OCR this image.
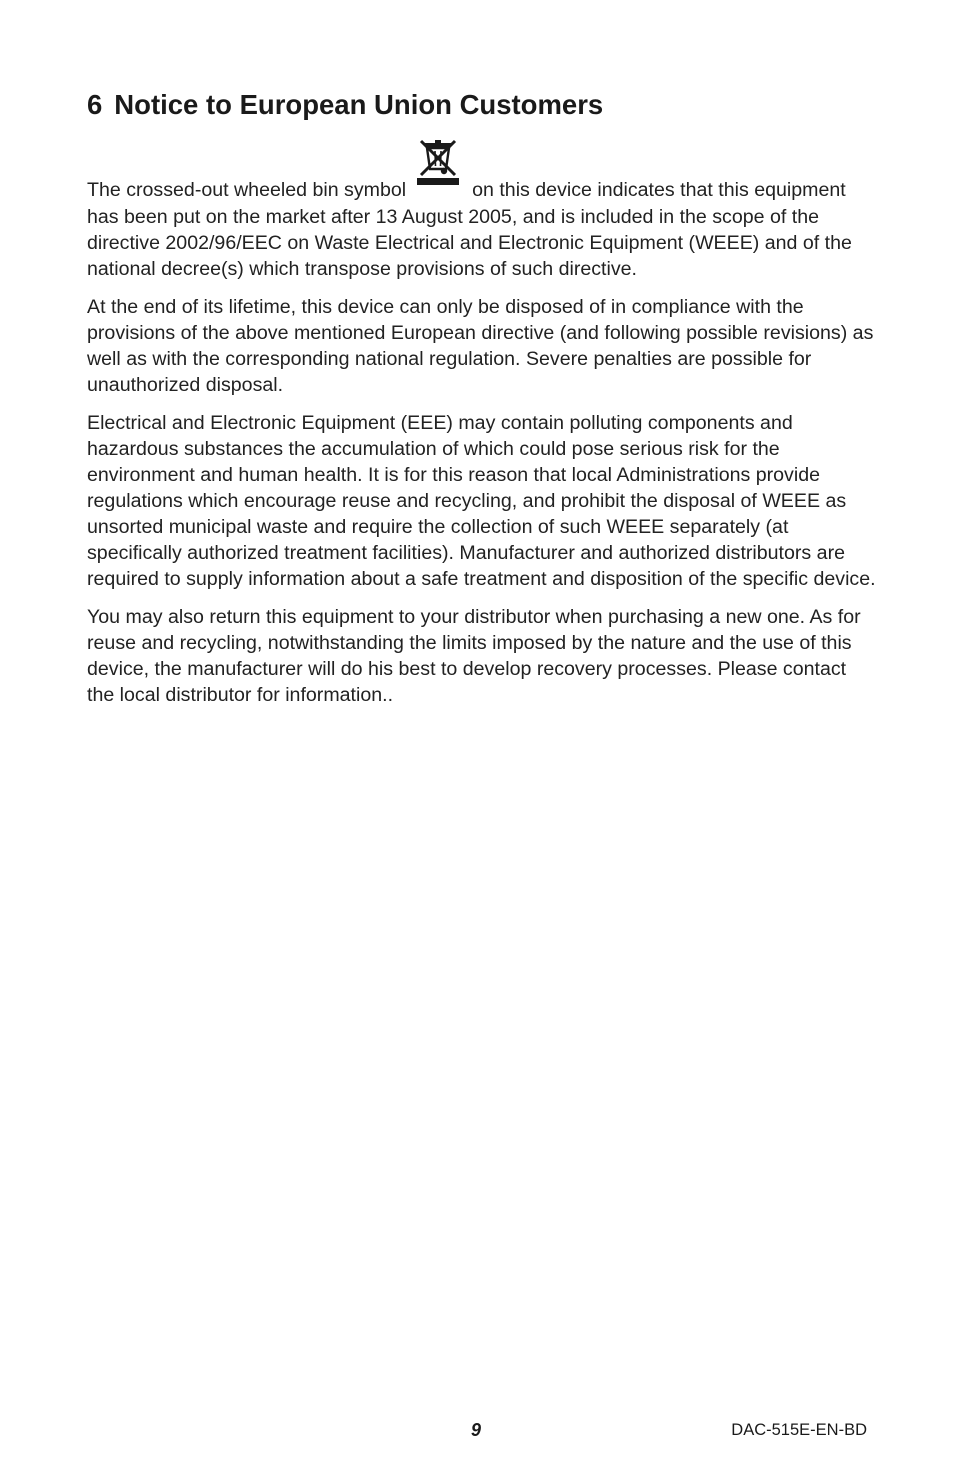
6 Notice to European Union Customers

The crossed-out wheeled bin symbol	on this device indicates that this equipment has been put on the market after 13 August 2005, and is included in the scope of the directive 2002/96/EEC on Waste Electrical and Electronic Equipment (WEEE) and of the national decree(s) which transpose provisions of such directive.

At the end of its lifetime, this device can only be disposed of in compliance with the provisions of the above mentioned European directive (and following possible revisions) as well as with the corresponding national regulation. Severe penalties are possible for unauthorized disposal.

Electrical and Electronic Equipment (EEE) may contain polluting components and hazardous substances the accumulation of which could pose serious risk for the environment and human health. It is for this reason that local Administrations provide regulations which encourage reuse and recycling, and prohibit the disposal of WEEE as unsorted municipal waste and require the collection of such WEEE separately (at specifically authorized treatment facilities). Manufacturer and authorized distributors are required to supply information about a safe treatment and disposition of the specific device.

You may also return this equipment to your distributor when purchasing a new one. As for reuse and recycling, notwithstanding the limits imposed by the nature and the use of this device, the manufacturer will do his best to develop recovery processes. Please contact the local distributor for information..

9	DAC-515E-EN-BD
